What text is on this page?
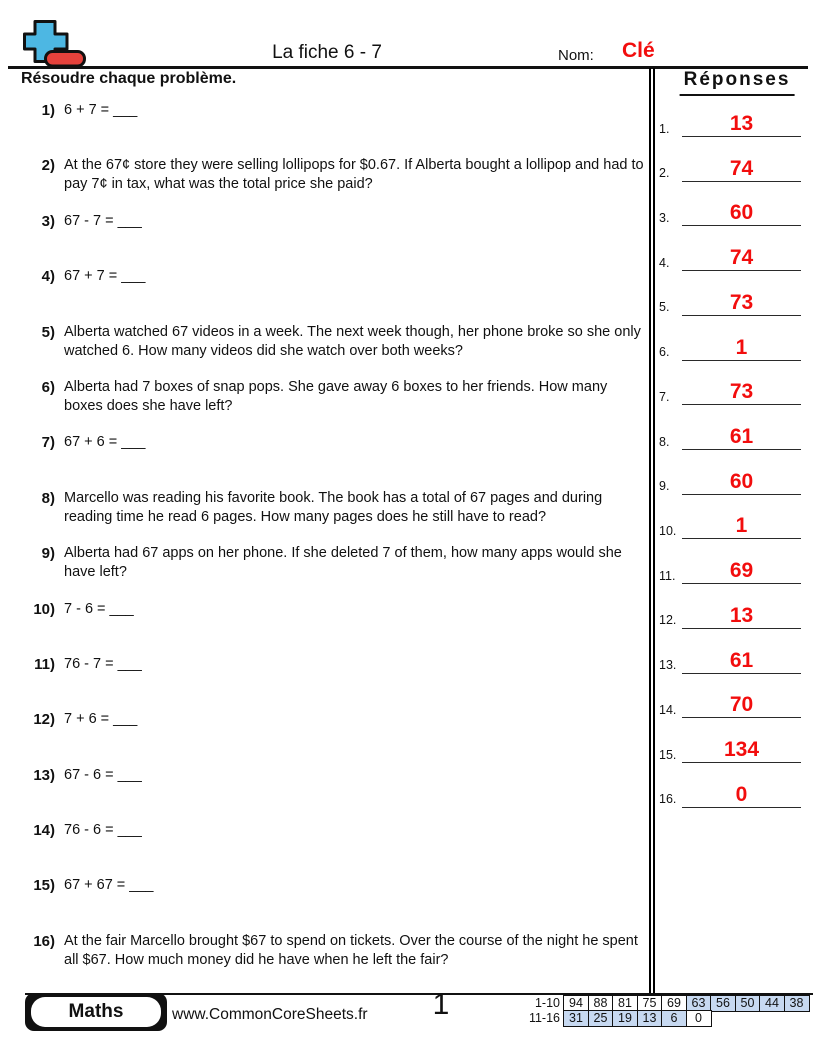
La fiche 6 - 7	Nom: Clé
Résoudre chaque problème.
1) 6 + 7 = ___
2) At the 67¢ store they were selling lollipops for $0.67. If Alberta bought a lollipop and had to pay 7¢ in tax, what was the total price she paid?
3) 67 - 7 = ___
4) 67 + 7 = ___
5) Alberta watched 67 videos in a week. The next week though, her phone broke so she only watched 6. How many videos did she watch over both weeks?
6) Alberta had 7 boxes of snap pops. She gave away 6 boxes to her friends. How many boxes does she have left?
7) 67 + 6 = ___
8) Marcello was reading his favorite book. The book has a total of 67 pages and during reading time he read 6 pages. How many pages does he still have to read?
9) Alberta had 67 apps on her phone. If she deleted 7 of them, how many apps would she have left?
10) 7 - 6 = ___
11) 76 - 7 = ___
12) 7 + 6 = ___
13) 67 - 6 = ___
14) 76 - 6 = ___
15) 67 + 67 = ___
16) At the fair Marcello brought $67 to spend on tickets. Over the course of the night he spent all $67. How much money did he have when he left the fair?
Réponses
1.	13
2.	74
3.	60
4.	74
5.	73
6.	1
7.	73
8.	61
9.	60
10.	1
11.	69
12.	13
13.	61
14.	70
15. 134
16.	0
Maths	www.CommonCoreSheets.fr 1	1-10 94 88 81 75 69 63 56 50 44 38
11-16 31 25 19 13	6	0
